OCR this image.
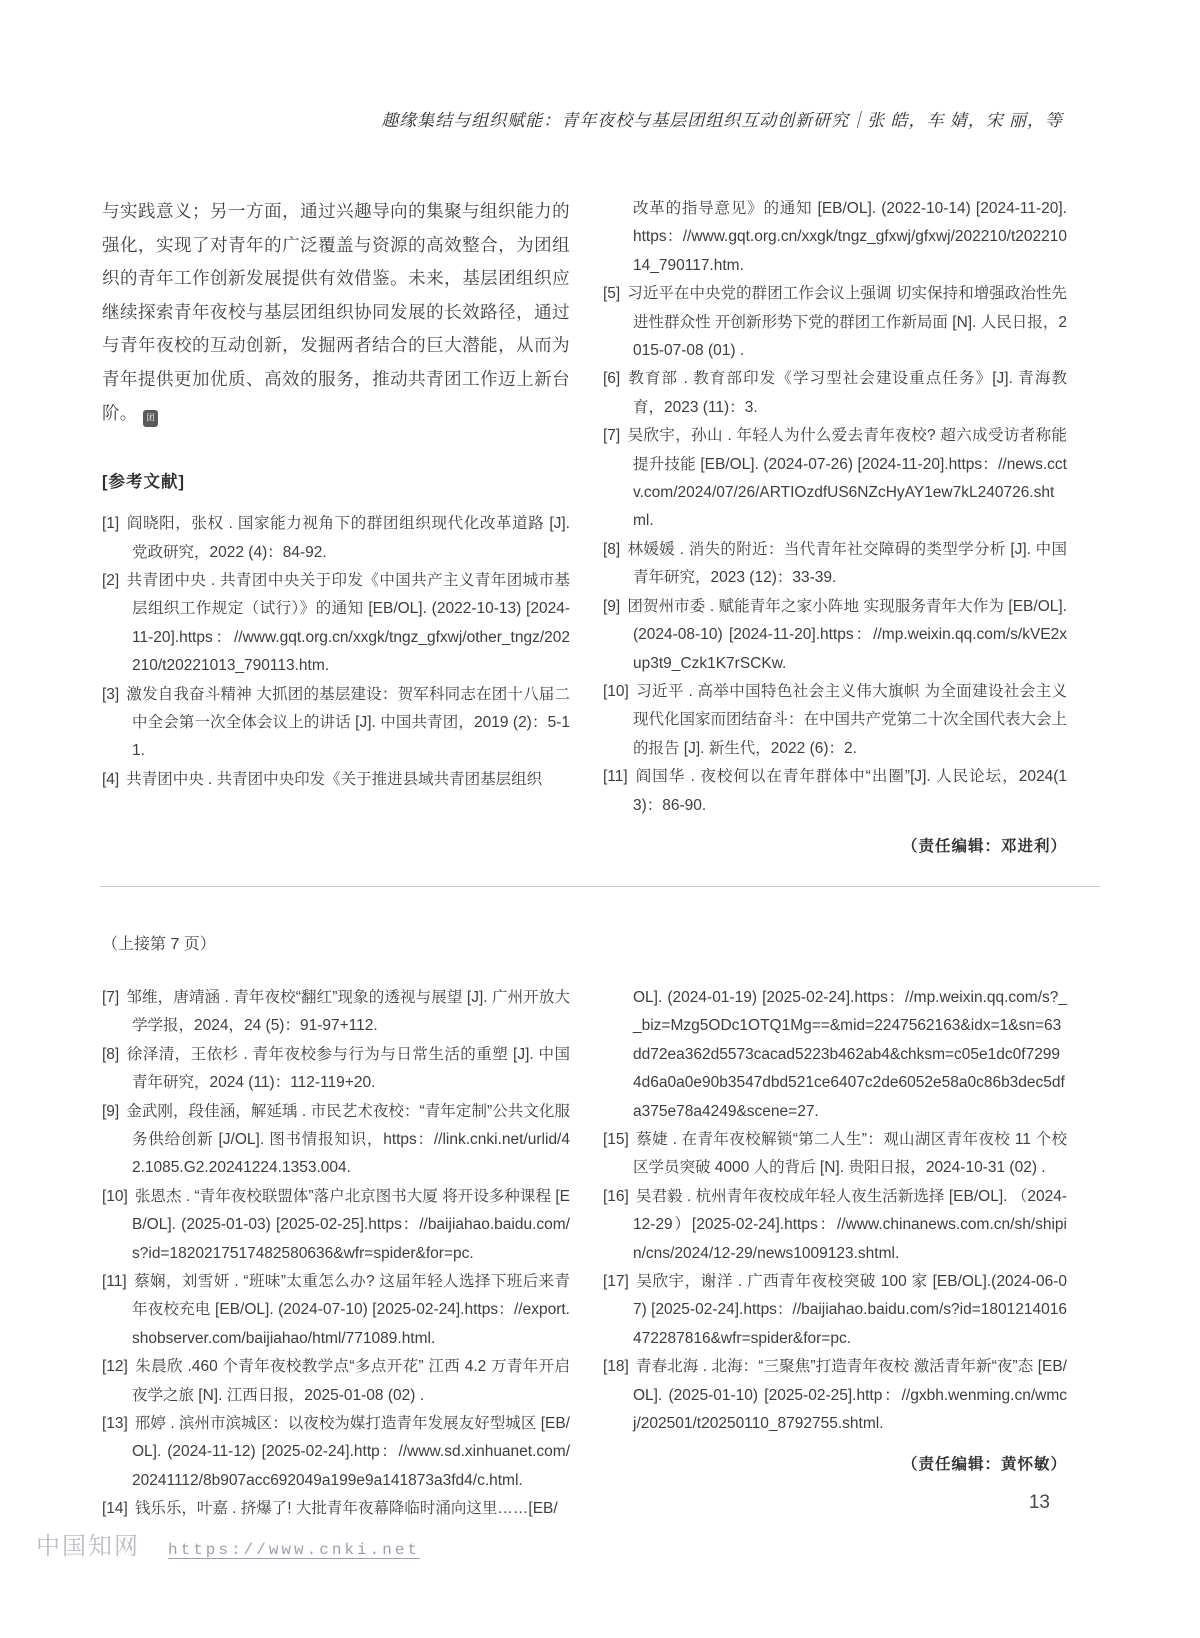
趣缘集结与组织赋能：青年夜校与基层团组织互动创新研究｜张 皓，车 婧，宋 丽，等

与实践意义；另一方面，通过兴趣导向的集聚与组织能力的强化，实现了对青年的广泛覆盖与资源的高效整合，为团组织的青年工作创新发展提供有效借鉴。未来，基层团组织应继续探索青年夜校与基层团组织协同发展的长效路径，通过与青年夜校的互动创新，发掘两者结合的巨大潜能，从而为青年提供更加优质、高效的服务，推动共青团工作迈上新台阶。 团

[参考文献]
[1] 阎晓阳，张权 . 国家能力视角下的群团组织现代化改革道路 [J]. 党政研究，2022 (4)：84-92.
[2] 共青团中央 . 共青团中央关于印发《中国共产主义青年团城市基层组织工作规定（试行）》的通知 [EB/OL]. (2022-10-13) [2024-11-20].https：//www.gqt.org.cn/xxgk/tngz_gfxwj/other_tngz/202210/t20221013_790113.htm.
[3] 激发自我奋斗精神 大抓团的基层建设：贺军科同志在团十八届二中全会第一次全体会议上的讲话 [J]. 中国共青团，2019 (2)：5-11.
[4] 共青团中央 . 共青团中央印发《关于推进县域共青团基层组织
改革的指导意见》的通知 [EB/OL]. (2022-10-14) [2024-11-20]. https：//www.gqt.org.cn/xxgk/tngz_gfxwj/gfxwj/202210/t20221014_790117.htm.
[5] 习近平在中央党的群团工作会议上强调 切实保持和增强政治性先进性群众性 开创新形势下党的群团工作新局面 [N]. 人民日报，2015-07-08 (01) .
[6] 教育部 . 教育部印发《学习型社会建设重点任务》[J]. 青海教育，2023 (11)：3.
[7] 吴欣宇，孙山 . 年轻人为什么爱去青年夜校? 超六成受访者称能提升技能 [EB/OL]. (2024-07-26) [2024-11-20].https：//news.cctv.com/2024/07/26/ARTIOzdfUS6NZcHyAY1ew7kL240726.shtml.
[8] 林媛媛 . 消失的附近：当代青年社交障碍的类型学分析 [J]. 中国青年研究，2023 (12)：33-39.
[9] 团贺州市委 . 赋能青年之家小阵地 实现服务青年大作为 [EB/OL]. (2024-08-10) [2024-11-20].https：//mp.weixin.qq.com/s/kVE2xup3t9_Czk1K7rSCKw.
[10] 习近平 . 高举中国特色社会主义伟大旗帜 为全面建设社会主义现代化国家而团结奋斗：在中国共产党第二十次全国代表大会上的报告 [J]. 新生代，2022 (6)：2.
[11] 阎国华 . 夜校何以在青年群体中“出圈”[J]. 人民论坛，2024(13)：86-90.
（责任编辑：邓进利）
（上接第 7 页）
[7] 邹维，唐靖涵 . 青年夜校“翻红”现象的透视与展望 [J]. 广州开放大学学报，2024，24 (5)：91-97+112.
[8] 徐泽清，王依杉 . 青年夜校参与行为与日常生活的重塑 [J]. 中国青年研究，2024 (11)：112-119+20.
[9] 金武刚，段佳涵，解延瑀 . 市民艺术夜校：“青年定制”公共文化服务供给创新 [J/OL]. 图书情报知识，https：//link.cnki.net/urlid/42.1085.G2.20241224.1353.004.
[10] 张恩杰 . “青年夜校联盟体”落户北京图书大厦 将开设多种课程 [EB/OL]. (2025-01-03) [2025-02-25].https：//baijiahao.baidu.com/s?id=1820217517482580636&wfr=spider&for=pc.
[11] 蔡娴，刘雪妍 . “班味”太重怎么办? 这届年轻人选择下班后来青年夜校充电 [EB/OL]. (2024-07-10) [2025-02-24].https：//export.shobserver.com/baijiahao/html/771089.html.
[12] 朱晨欣 .460 个青年夜校教学点“多点开花” 江西 4.2 万青年开启夜学之旅 [N]. 江西日报，2025-01-08 (02) .
[13] 邢婷 . 滨州市滨城区：以夜校为媒打造青年发展友好型城区 [EB/OL]. (2024-11-12) [2025-02-24].http：//www.sd.xinhuanet.com/20241112/8b907acc692049a199e9a141873a3fd4/c.html.
[14] 钱乐乐，叶嘉 . 挤爆了! 大批青年夜幕降临时涌向这里……[EB/
OL]. (2024-01-19) [2025-02-24].https：//mp.weixin.qq.com/s?__biz=Mzg5ODc1OTQ1Mg==&mid=2247562163&idx=1&sn=63dd72ea362d5573cacad5223b462ab4&chksm=c05e1dc0f72994d6a0a0e90b3547dbd521ce6407c2de6052e58a0c86b3dec5dfa375e78a4249&scene=27.
[15] 蔡婕 . 在青年夜校解锁“第二人生”：观山湖区青年夜校 11 个校区学员突破 4000 人的背后 [N]. 贵阳日报，2024-10-31 (02) .
[16] 吴君毅 . 杭州青年夜校成年轻人夜生活新选择 [EB/OL]. （2024-12-29）[2025-02-24].https：//www.chinanews.com.cn/sh/shipin/cns/2024/12-29/news1009123.shtml.
[17] 吴欣宇，谢洋 . 广西青年夜校突破 100 家 [EB/OL].(2024-06-07) [2025-02-24].https：//baijiahao.baidu.com/s?id=1801214016472287816&wfr=spider&for=pc.
[18] 青春北海 . 北海：“三聚焦”打造青年夜校 激活青年新“夜”态 [EB/OL]. (2025-01-10) [2025-02-25].http：//gxbh.wenming.cn/wmcj/202501/t20250110_8792755.shtml.
（责任编辑：黄怀敏）
13
中国知网 https://www.cnki.net
